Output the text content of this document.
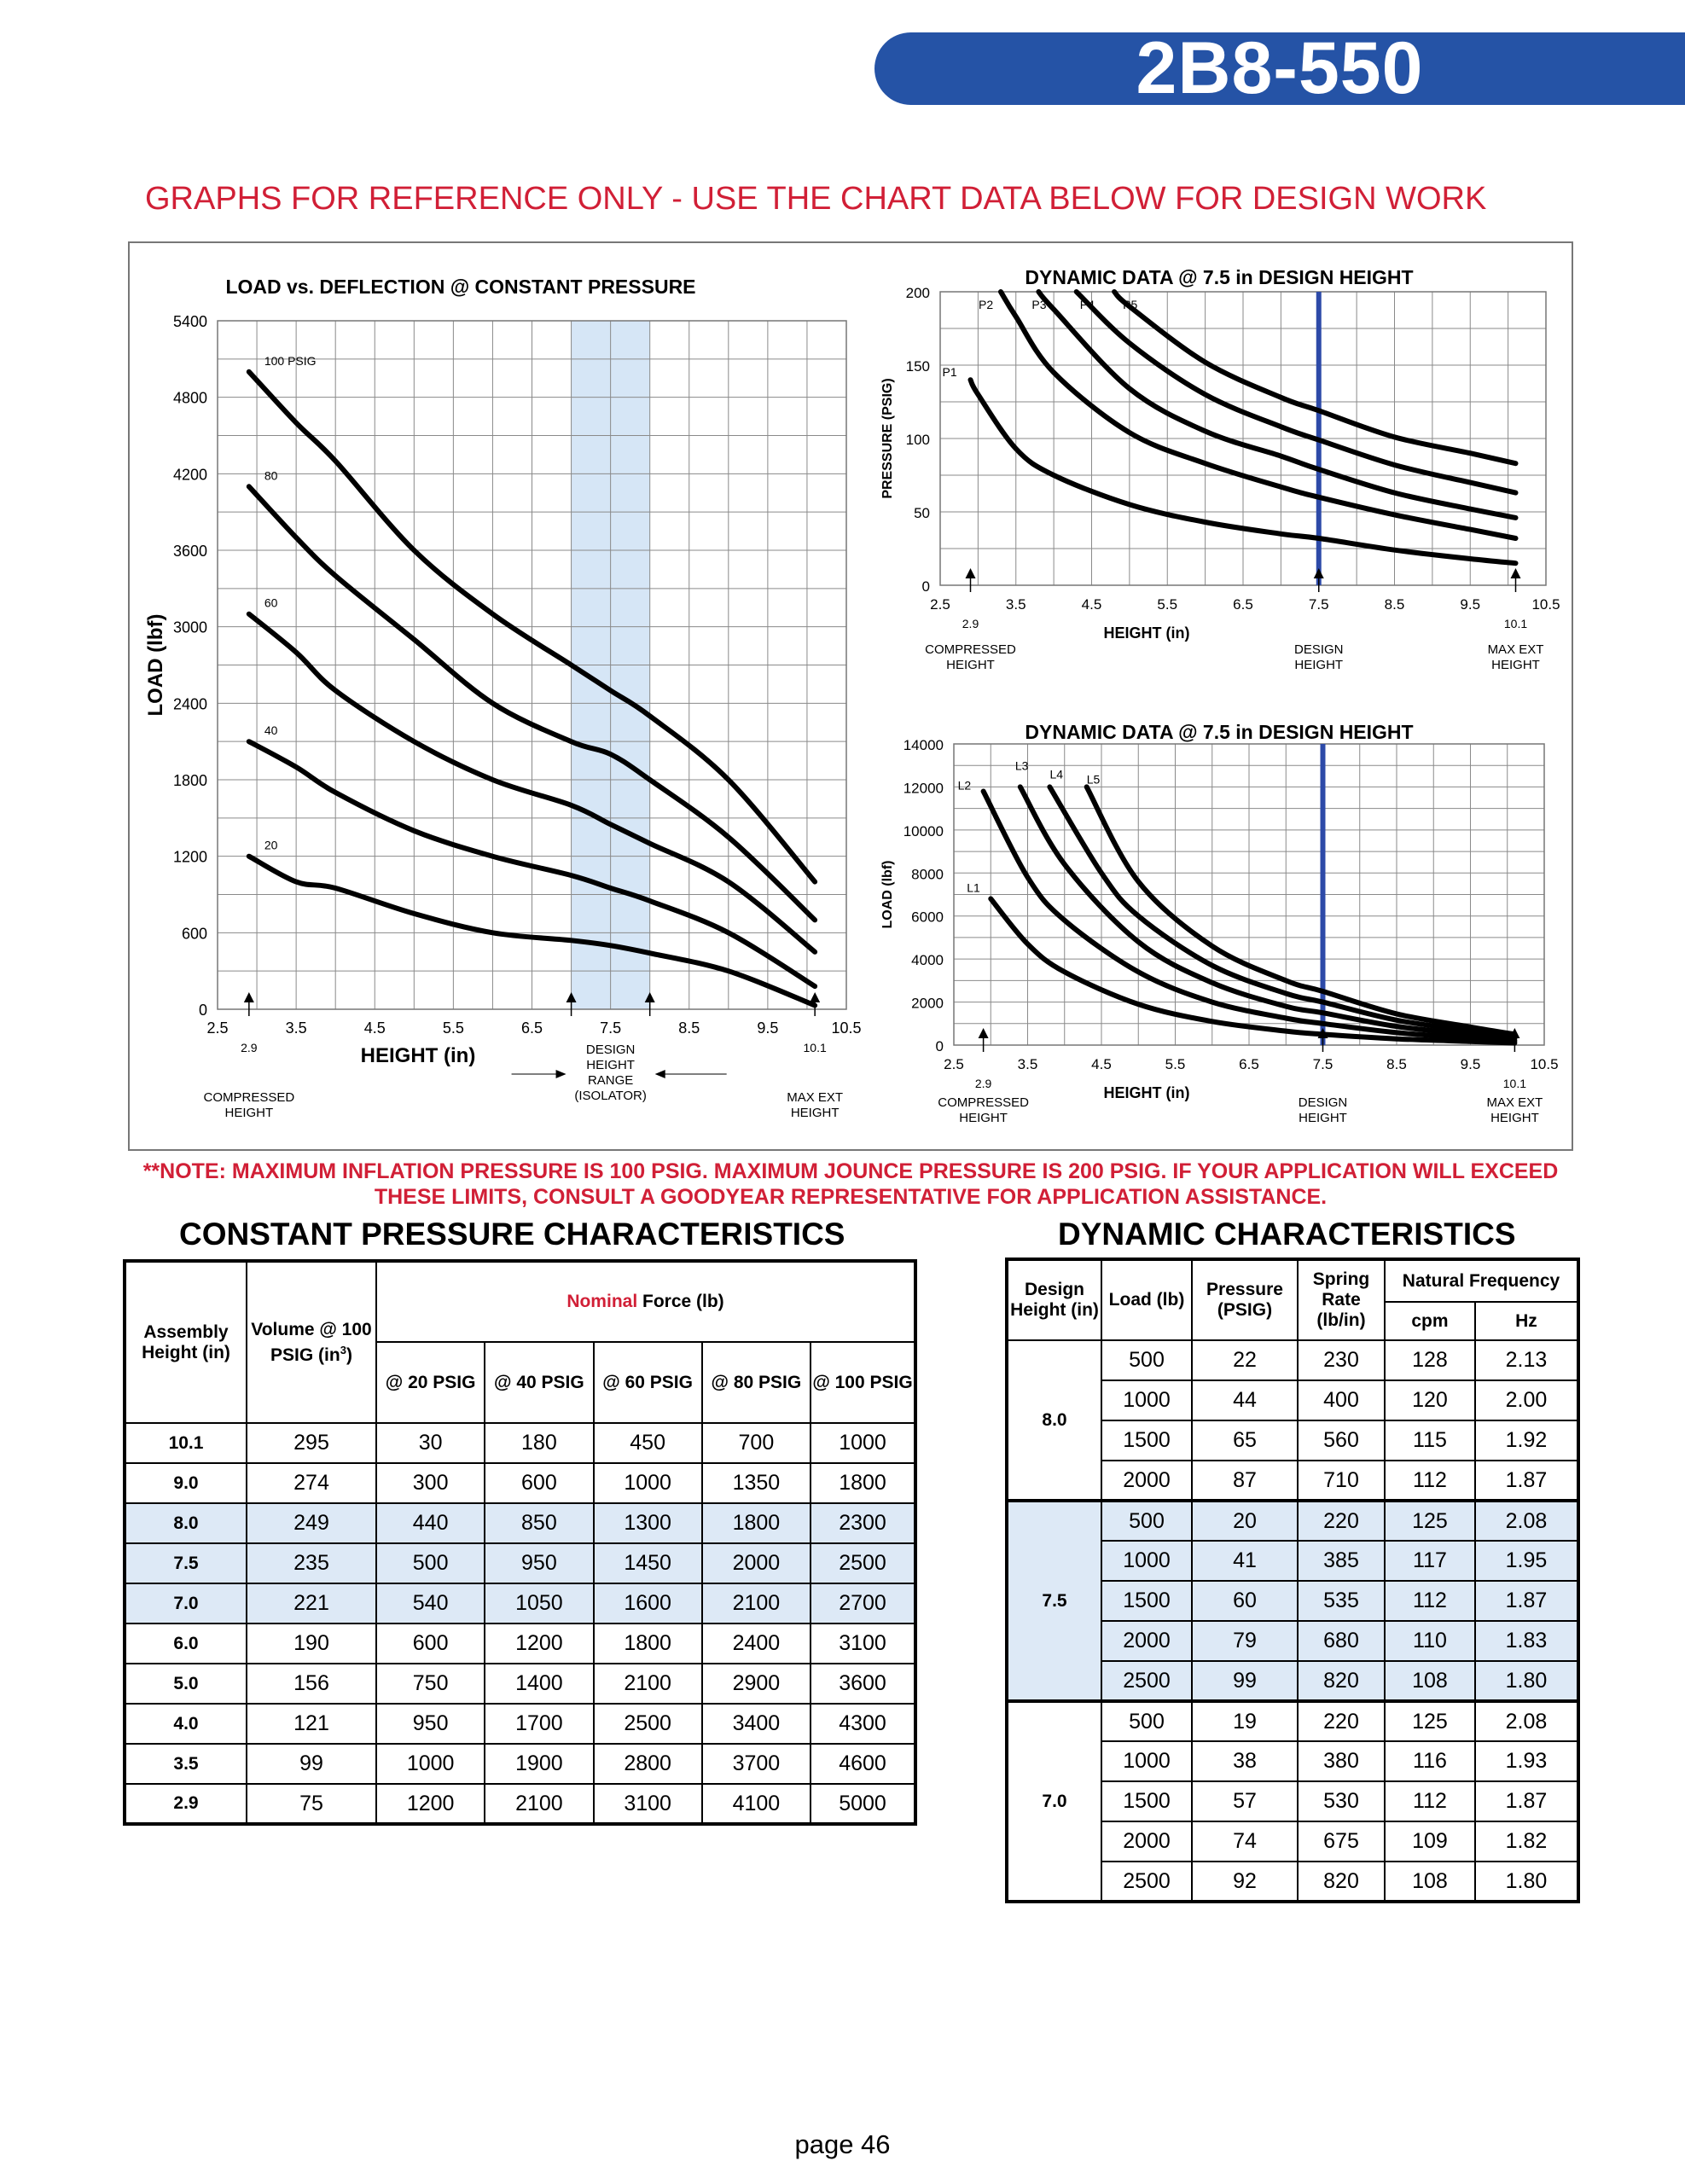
2B8-550
GRAPHS FOR REFERENCE ONLY - USE THE CHART DATA BELOW FOR DESIGN WORK
2.5	3.5	4.5	5.5	6.5	7.5	8.5	9.5	10.5
0
600
1200
1800
2400
3000
3600
4200
4800
5400
LOAD vs. DEFLECTION @ CONSTANT PRESSURE
HEIGHT (in)
LOAD (lbf)
100 PSIG
80
60
40
20
2.9
COMPRESSED
HEIGHT
10.1
MAX EXT
HEIGHT
DESIGN
HEIGHT
RANGE
(ISOLATOR)
2.5	3.5	4.5	5.5	6.5	7.5	8.5	9.5	10.5
0
50
100
150
200
DYNAMIC DATA @ 7.5 in DESIGN HEIGHT
HEIGHT (in)
PRESSURE (PSIG)
P1
P2	P3	P4 P5
2.9
COMPRESSED
HEIGHT
10.1
MAX EXT
HEIGHT
DESIGN
HEIGHT
2.5	3.5	4.5	5.5	6.5	7.5	8.5	9.5	10.5
0
2000
4000
6000
8000
10000
12000
14000
DYNAMIC DATA @ 7.5 in DESIGN HEIGHT
HEIGHT (in)
LOAD (lbf)	L1
L2
L3
L4 L5
2.9
COMPRESSED
HEIGHT
10.1
MAX EXT
HEIGHT
DESIGN
HEIGHT
**NOTE: MAXIMUM INFLATION PRESSURE IS 100 PSIG. MAXIMUM JOUNCE PRESSURE IS 200 PSIG. IF YOUR APPLICATION WILL EXCEED
THESE LIMITS, CONSULT A GOODYEAR REPRESENTATIVE FOR APPLICATION ASSISTANCE.
CONSTANT PRESSURE CHARACTERISTICS	DYNAMIC CHARACTERISTICS
Assembly Height (in)	Volume @ 100 PSIG $(in^3)$	Nominal Force (lb)				
		@ 20 PSIG	@ 40 PSIG	@ 60 PSIG	@ 80 PSIG	@ 100 PSIG
10.1	295	30	180	450	700	1000
9.0	274	300	600	1000	1350	1800
8.0	249	440	850	1300	1800	2300
7.5	235	500	950	1450	2000	2500
7.0	221	540	1050	1600	2100	2700
6.0	190	600	1200	1800	2400	3100
5.0	156	750	1400	2100	2900	3600
4.0	121	950	1700	2500	3400	4300
3.5	99	1000	1900	2800	3700	4600
2.9	75	1200	2100	3100	4100	5000
Design Height (in)	Load (lb)	Pressure (PSIG)	Spring Rate (lb/in)	Natural Frequency	
				cpm	Hz
8.0	500	22	230	128	2.13
	1000	44	400	120	2.00
	1500	65	560	115	1.92
	2000	87	710	112	1.87
7.5	500	20	220	125	2.08
	1000	41	385	117	1.95
	1500	60	535	112	1.87
	2000	79	680	110	1.83
	2500	99	820	108	1.80
7.0	500	19	220	125	2.08
	1000	38	380	116	1.93
	1500	57	530	112	1.87
	2000	74	675	109	1.82
	2500	92	820	108	1.80
page 46
